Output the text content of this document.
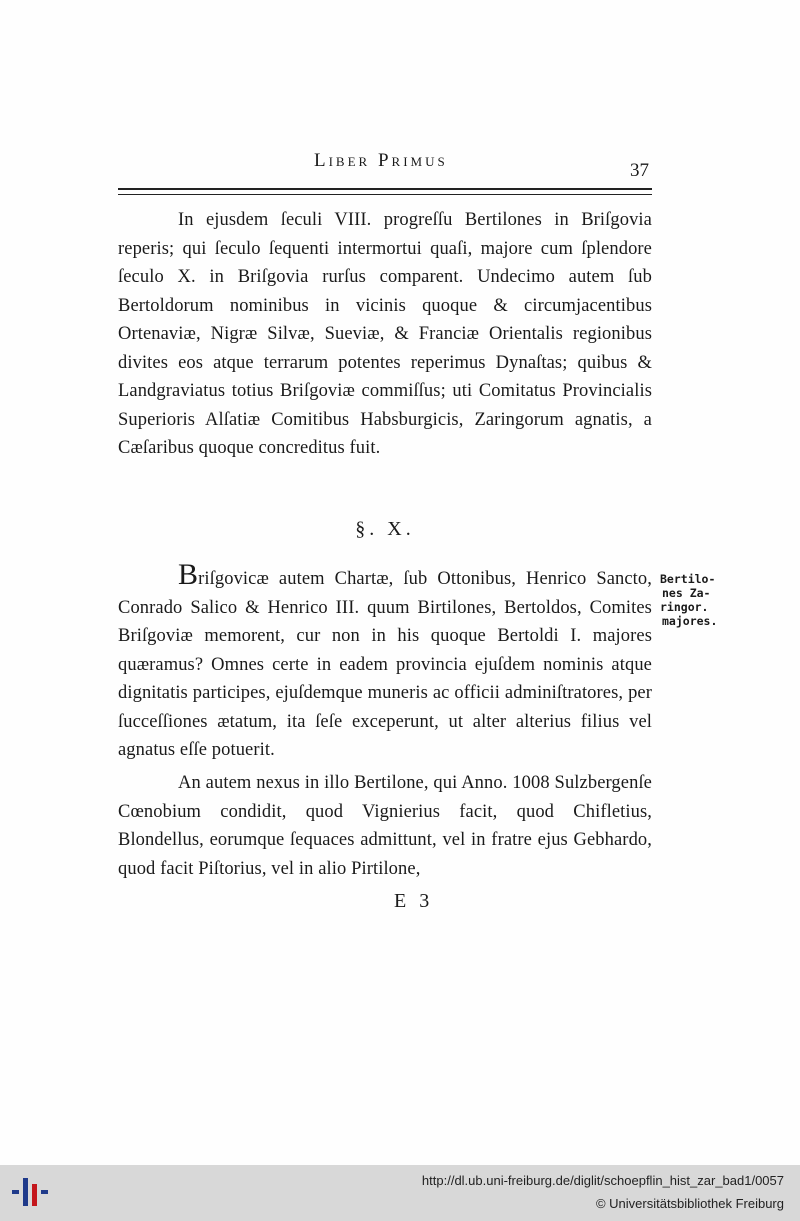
Liber Primus	37

In ejusdem ſeculi VIII. progreſſu Bertilones in Briſgovia reperis; qui ſeculo ſequenti intermortui quaſi, majore cum ſplendore ſeculo X. in Briſgovia rurſus comparent. Undecimo autem ſub Bertoldorum nominibus in vicinis quoque & circumjacentibus Ortenaviæ, Nigræ Silvæ, Sueviæ, & Franciæ Orientalis regionibus divites eos atque terrarum potentes reperimus Dynaſtas; quibus & Landgraviatus totius Briſgoviæ commiſſus; uti Comitatus Provincialis Superioris Alſatiæ Comitibus Habsburgicis, Zaringorum agnatis, a Cæſaribus quoque concreditus fuit.

§. X.

Briſgovicæ autem Chartæ, ſub Ottonibus, Henrico Sancto, Conrado Salico & Henrico III. quum Birtilones, Bertoldos, Comites Briſgoviæ memorent, cur non in his quoque Bertoldi I. majores quæramus? Omnes certe in eadem provincia ejuſdem nominis atque dignitatis participes, ejuſdemque muneris ac officii adminiſtratores, per ſucceſſiones ætatum, ita ſeſe exceperunt, ut alter alterius filius vel agnatus eſſe potuerit.

Bertilo-
nes Za-
ringor.
majores.

An autem nexus in illo Bertilone, qui Anno. 1008 Sulzbergenſe Cœnobium condidit, quod Vignierius facit, quod Chifletius, Blondellus, eorumque ſequaces admittunt, vel in fratre ejus Gebhardo, quod facit Piſtorius, vel in alio Pirtilone,

E 3
http://dl.ub.uni-freiburg.de/diglit/schoepflin_hist_zar_bad1/0057
© Universitätsbibliothek Freiburg
